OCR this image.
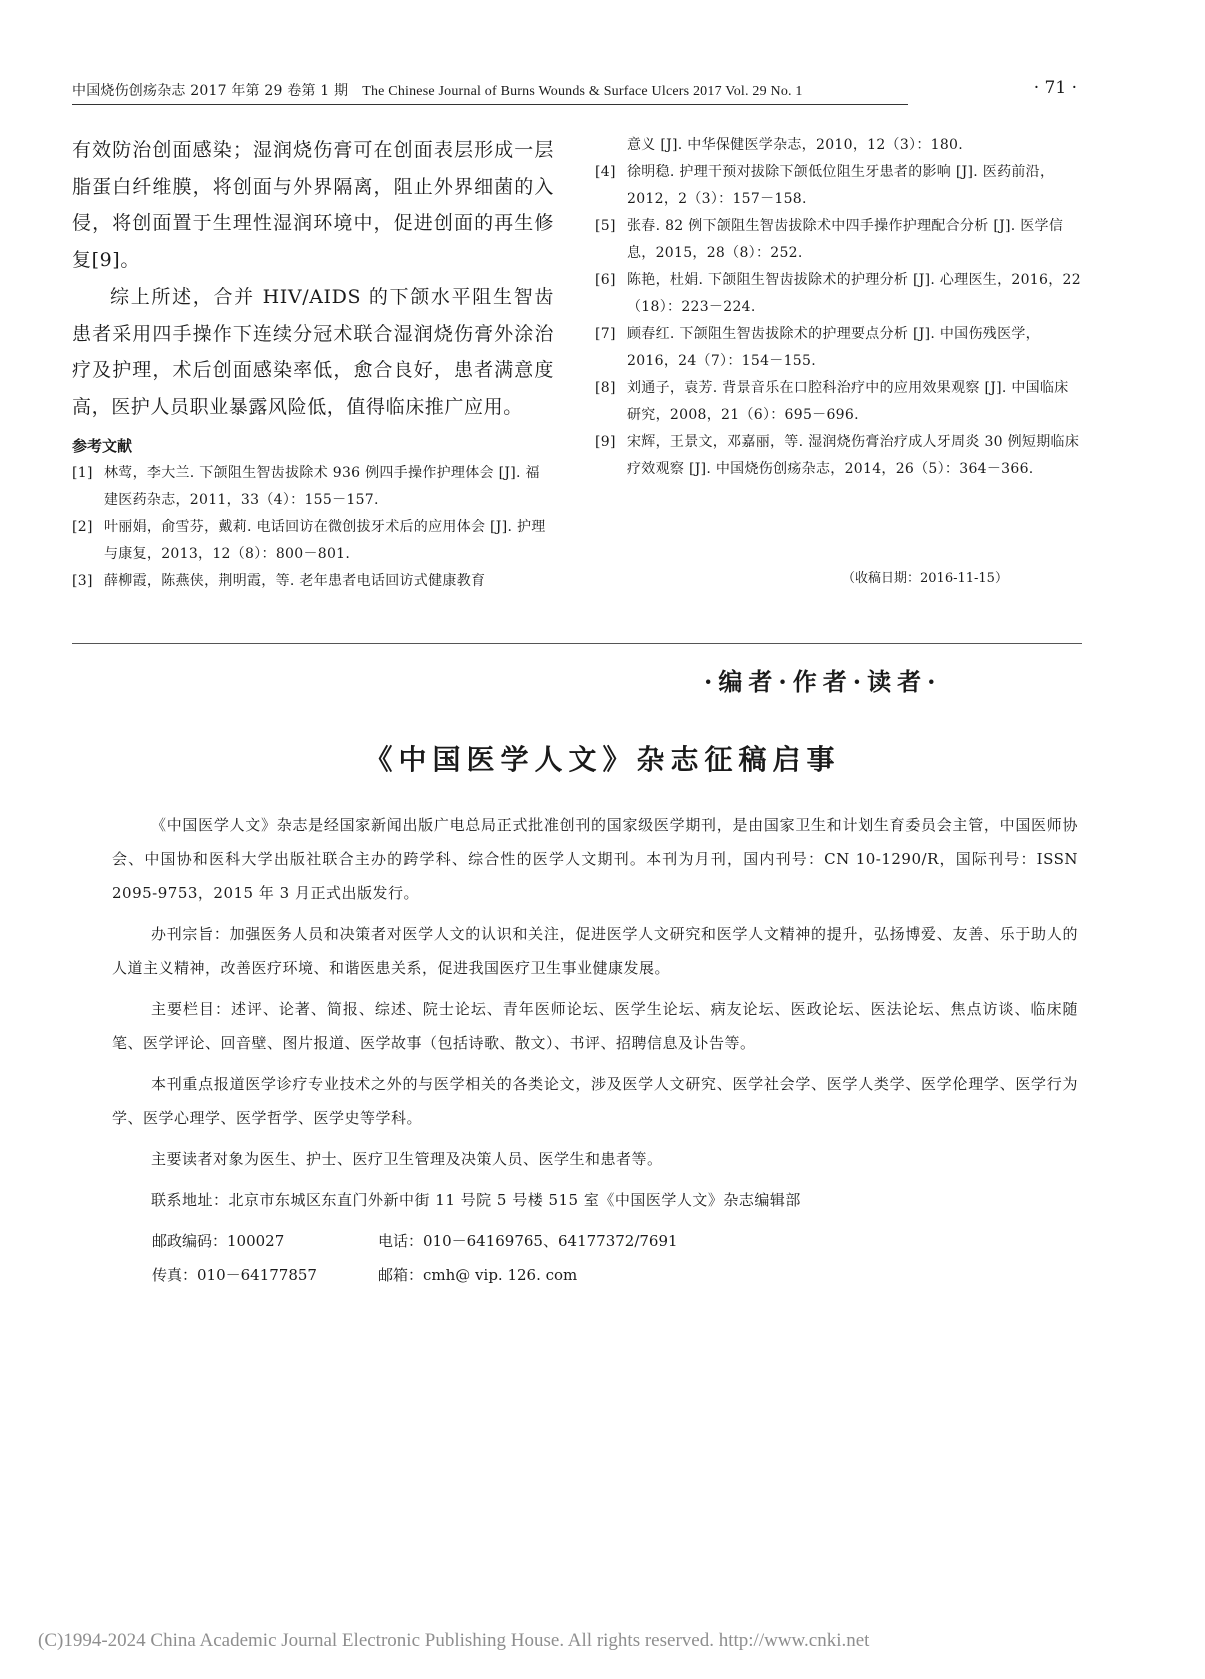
中国烧伤创疡杂志 2017 年第 29 卷第 1 期 The Chinese Journal of Burns Wounds & Surface Ulcers 2017 Vol. 29 No. 1	· 71 ·

有效防治创面感染；湿润烧伤膏可在创面表层形成一层脂蛋白纤维膜，将创面与外界隔离，阻止外界细菌的入侵，将创面置于生理性湿润环境中，促进创面的再生修复[9]。

综上所述，合并 HIV/AIDS 的下颌水平阻生智齿患者采用四手操作下连续分冠术联合湿润烧伤膏外涂治疗及护理，术后创面感染率低，愈合良好，患者满意度高，医护人员职业暴露风险低，值得临床推广应用。

参考文献
[1] 林莺，李大兰. 下颌阻生智齿拔除术 936 例四手操作护理体会 [J]. 福建医药杂志，2011，33（4）：155－157.
[2] 叶丽娟，俞雪芬，戴莉. 电话回访在微创拔牙术后的应用体会 [J]. 护理与康复，2013，12（8）：800－801.
[3] 薛柳霞，陈燕侠，荆明霞，等. 老年患者电话回访式健康教育
意义 [J]. 中华保健医学杂志，2010，12（3）：180.
[4] 徐明稳. 护理干预对拔除下颌低位阻生牙患者的影响 [J]. 医药前沿，2012，2（3）：157－158.
[5] 张春. 82 例下颌阻生智齿拔除术中四手操作护理配合分析 [J]. 医学信息，2015，28（8）：252.
[6] 陈艳，杜娟. 下颌阻生智齿拔除术的护理分析 [J]. 心理医生，2016，22（18）：223－224.
[7] 顾春红. 下颌阻生智齿拔除术的护理要点分析 [J]. 中国伤残医学，2016，24（7）：154－155.
[8] 刘通子，袁芳. 背景音乐在口腔科治疗中的应用效果观察 [J]. 中国临床研究，2008，21（6）：695－696.
[9] 宋辉，王景文，邓嘉丽，等. 湿润烧伤膏治疗成人牙周炎 30 例短期临床疗效观察 [J]. 中国烧伤创疡杂志，2014，26（5）：364－366.
（收稿日期：2016-11-15）
·编者·作者·读者·
《中国医学人文》杂志征稿启事

《中国医学人文》杂志是经国家新闻出版广电总局正式批准创刊的国家级医学期刊，是由国家卫生和计划生育委员会主管，中国医师协会、中国协和医科大学出版社联合主办的跨学科、综合性的医学人文期刊。本刊为月刊，国内刊号：CN 10-1290/R，国际刊号：ISSN 2095-9753，2015 年 3 月正式出版发行。

办刊宗旨：加强医务人员和决策者对医学人文的认识和关注，促进医学人文研究和医学人文精神的提升，弘扬博爱、友善、乐于助人的人道主义精神，改善医疗环境、和谐医患关系，促进我国医疗卫生事业健康发展。

主要栏目：述评、论著、简报、综述、院士论坛、青年医师论坛、医学生论坛、病友论坛、医政论坛、医法论坛、焦点访谈、临床随笔、医学评论、回音壁、图片报道、医学故事（包括诗歌、散文）、书评、招聘信息及讣告等。

本刊重点报道医学诊疗专业技术之外的与医学相关的各类论文，涉及医学人文研究、医学社会学、医学人类学、医学伦理学、医学行为学、医学心理学、医学哲学、医学史等学科。

主要读者对象为医生、护士、医疗卫生管理及决策人员、医学生和患者等。

联系地址：北京市东城区东直门外新中街 11 号院 5 号楼 515 室《中国医学人文》杂志编辑部

邮政编码：100027	电话：010－64169765、64177372/7691
传真：010－64177857	邮箱：cmh@ vip. 126. com
(C)1994-2024 China Academic Journal Electronic Publishing House. All rights reserved. http://www.cnki.net
